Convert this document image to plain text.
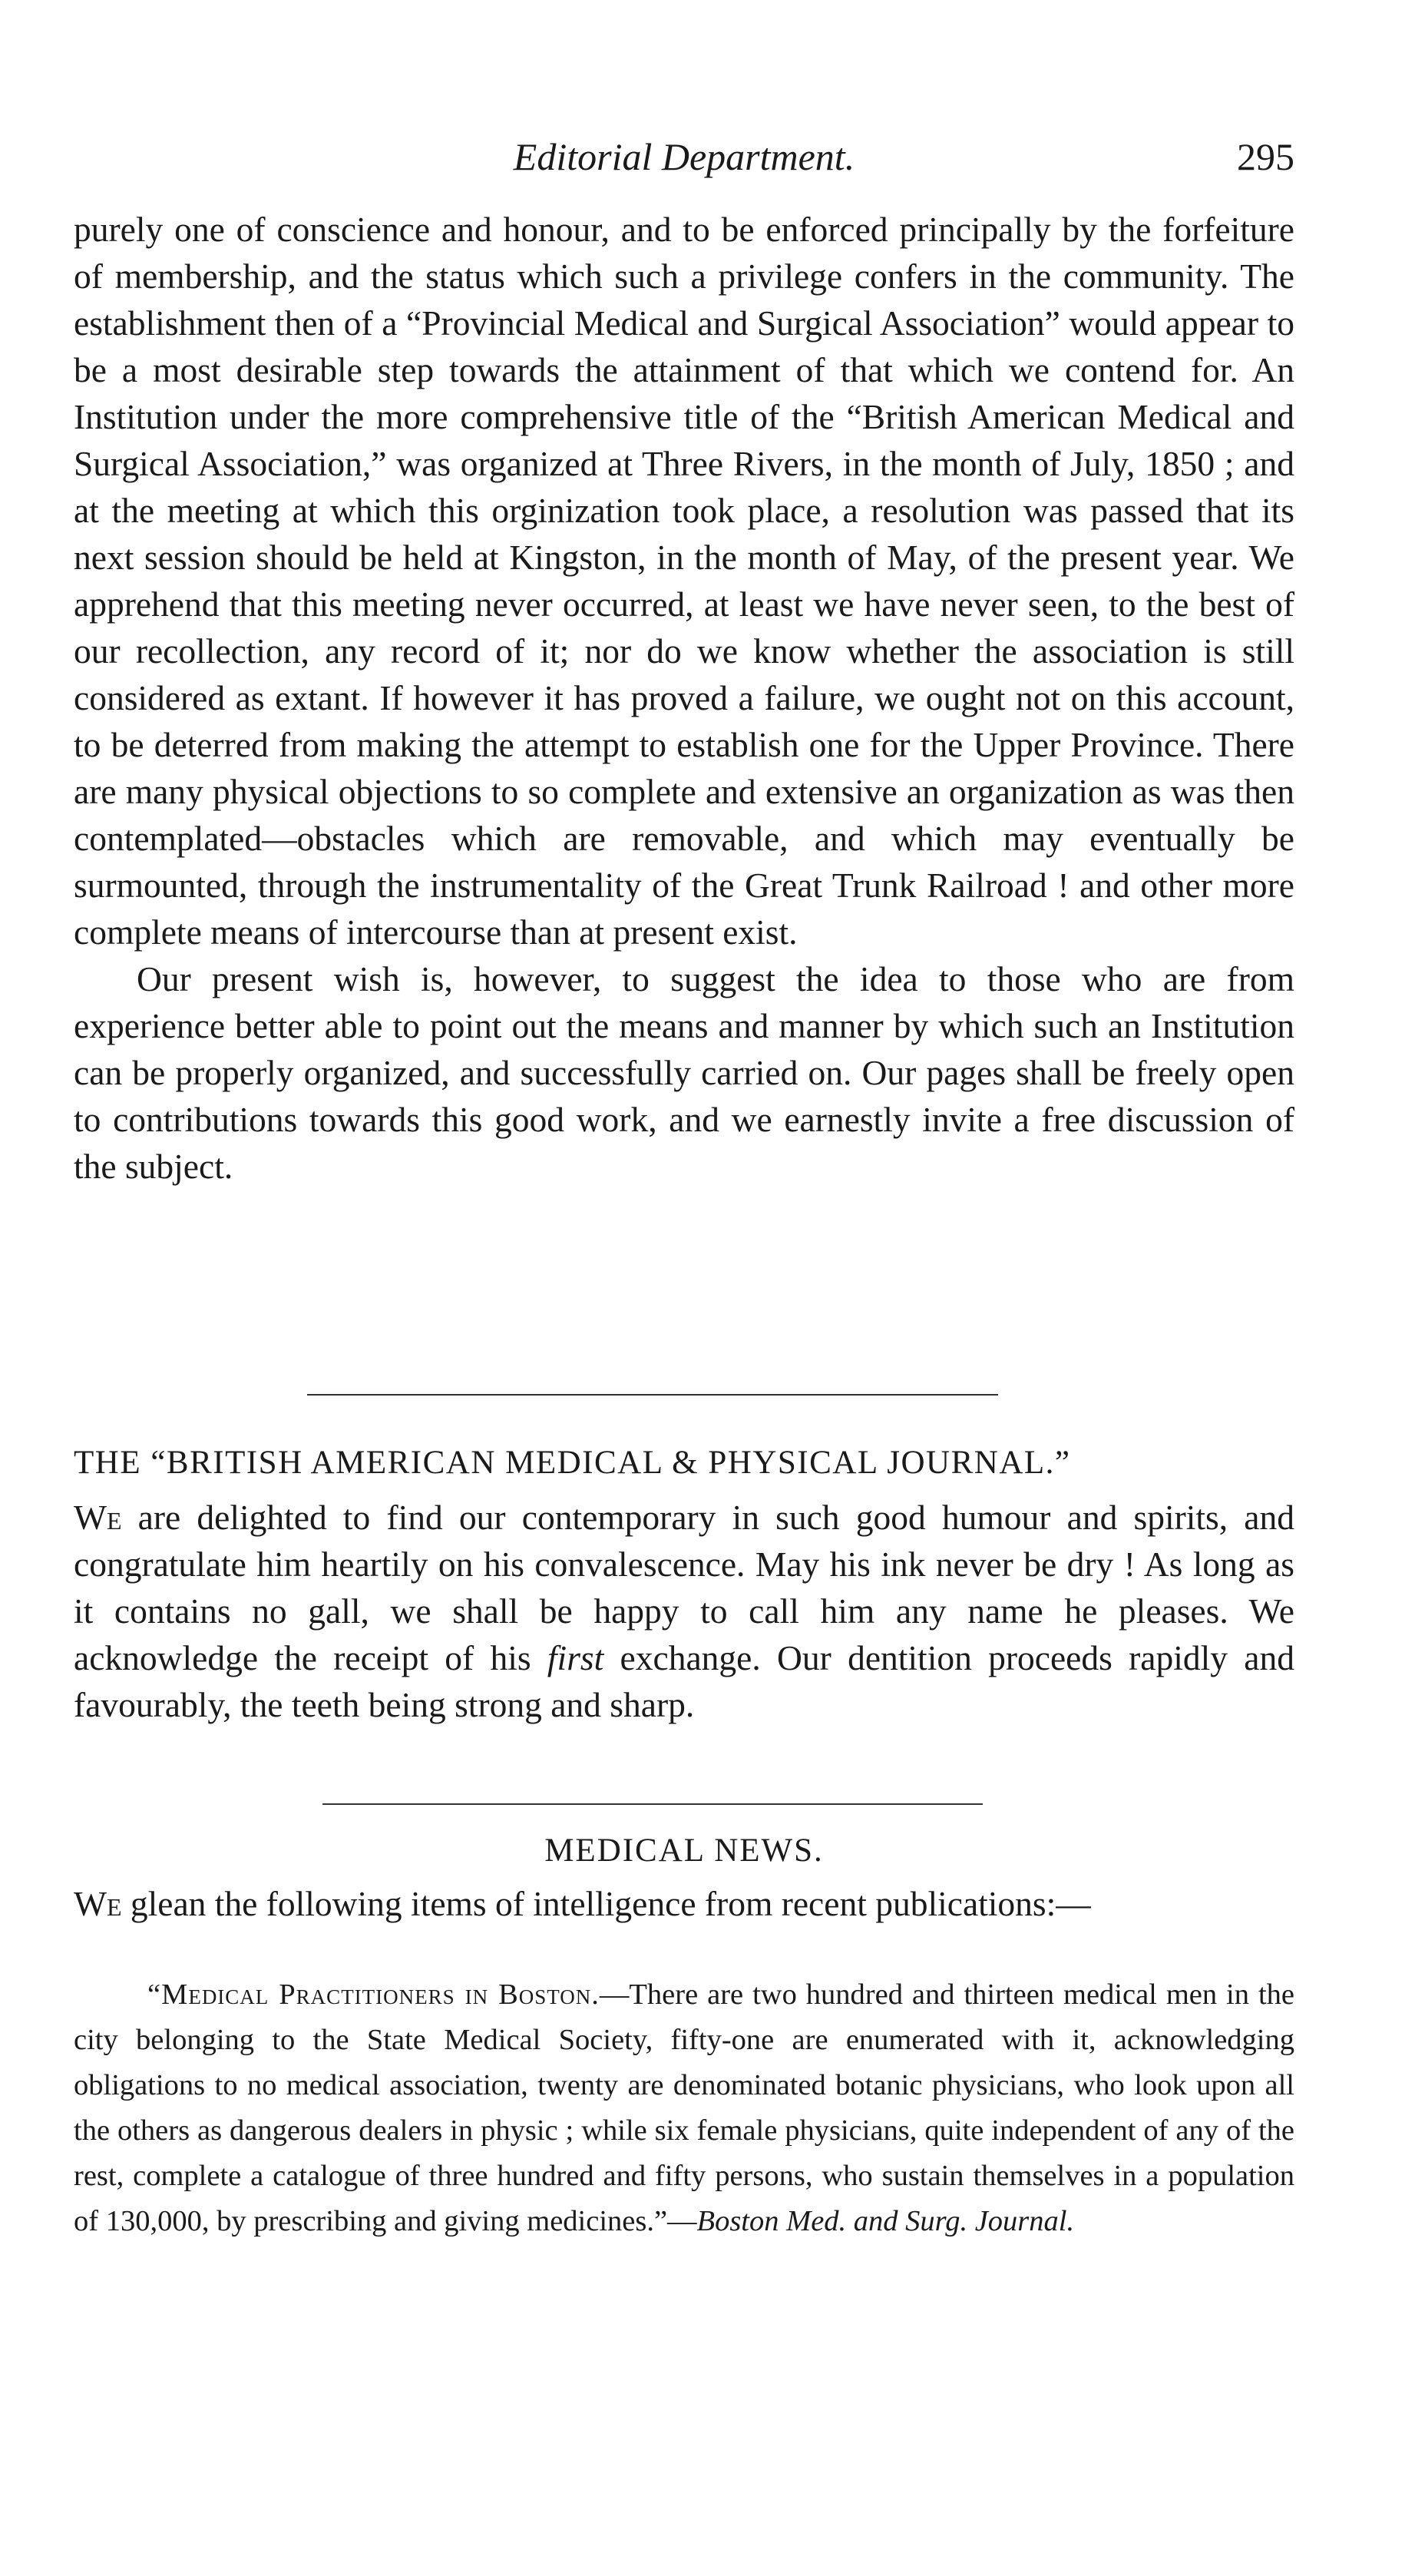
Editorial Department.	295

purely one of conscience and honour, and to be enforced principally by the forfeiture of membership, and the status which such a privilege confers in the community. The establishment then of a “Provincial Medical and Surgical Association” would appear to be a most desirable step towards the attainment of that which we contend for. An Institution under the more comprehensive title of the “British American Medical and Surgical Association,” was organized at Three Rivers, in the month of July, 1850 ; and at the meeting at which this orginization took place, a resolution was passed that its next session should be held at Kingston, in the month of May, of the present year. We apprehend that this meeting never occurred, at least we have never seen, to the best of our recollection, any record of it; nor do we know whether the association is still considered as extant. If however it has proved a failure, we ought not on this account, to be deterred from making the attempt to establish one for the Upper Province. There are many physical objections to so complete and extensive an organization as was then contemplated—obstacles which are removable, and which may eventually be surmounted, through the instrumentality of the Great Trunk Railroad ! and other more complete means of intercourse than at present exist.

Our present wish is, however, to suggest the idea to those who are from experience better able to point out the means and manner by which such an Institution can be properly organized, and successfully carried on. Our pages shall be freely open to contributions towards this good work, and we earnestly invite a free discussion of the subject.

THE “BRITISH AMERICAN MEDICAL & PHYSICAL JOURNAL.”

We are delighted to find our contemporary in such good humour and spirits, and congratulate him heartily on his convalescence. May his ink never be dry ! As long as it contains no gall, we shall be happy to call him any name he pleases. We acknowledge the receipt of his first exchange. Our dentition proceeds rapidly and favourably, the teeth being strong and sharp.

MEDICAL NEWS.
We glean the following items of intelligence from recent publications:—

“Medical Practitioners in Boston.—There are two hundred and thirteen medical men in the city belonging to the State Medical Society, fifty-one are enumerated with it, acknowledging obligations to no medical association, twenty are denominated botanic physicians, who look upon all the others as dangerous dealers in physic ; while six female physicians, quite independent of any of the rest, complete a catalogue of three hundred and fifty persons, who sustain themselves in a population of 130,000, by prescribing and giving medicines.”—Boston Med. and Surg. Journal.
